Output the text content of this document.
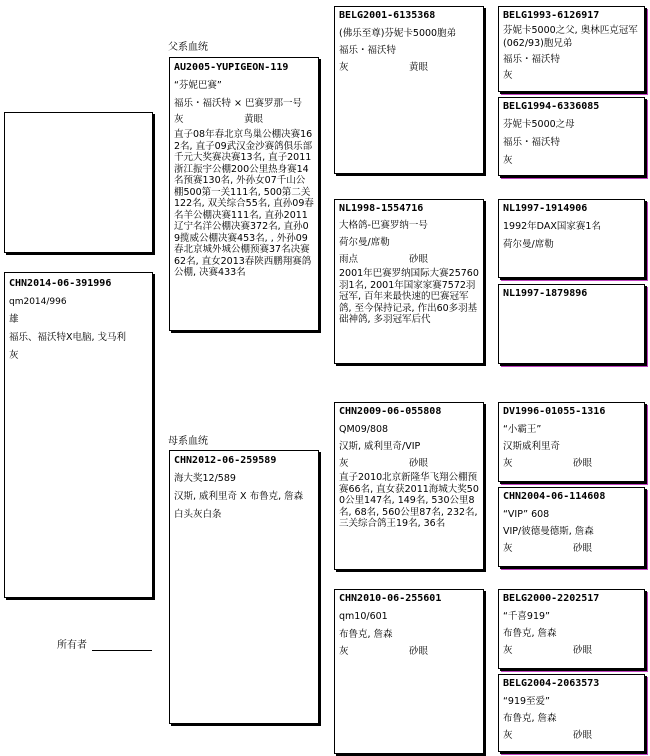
CHN2014-06-391996
qm2014/996
雄
福乐、福沃特X电脑, 戈马利
灰
父系血统
母系血统
所有者
AU2005-YUPIGEON-119
“芬妮巴赛”
福乐・福沃特 × 巴赛罗那一号
灰	黄眼
直子08年春北京鸟巢公棚决赛162名, 直子09武汉金沙赛鸽俱乐部千元大奖赛决赛13名, 直子2011浙江振宇公棚200公里热身赛14名预赛130名, 外孙女07千山公棚500第一关111名, 500第二关122名, 双关综合55名, 直孙09春名羊公棚决赛111名, 直孙2011辽宁名洋公棚决赛372名, 直孙09揽威公棚决赛453名, , 外孙09春北京城外城公棚预赛37名决赛62名, 直女2013春陕西鹏翔赛鸽公棚, 决赛433名
CHN2012-06-259589
海大奖12/589
汉斯, 威利里奇 X 布鲁克, 詹森
白头灰白条
BELG2001-6135368
(佛乐至尊)芬妮卡5000胞弟
福乐・福沃特
灰	黄眼
NL1998-1554716
大格鸽-巴赛罗纳一号
荷尔曼/席勒
雨点	砂眼
2001年巴赛罗纳国际大赛25760羽1名, 2001年国家家赛7572羽冠军, 百年来最快速的巴赛冠军鸽, 至今保持记录, 作出60多羽基础神鸽, 多羽冠军后代
CHN2009-06-055808
QM09/808
汉斯, 威利里奇/VIP
灰	砂眼
直子2010北京新隆华飞翔公棚预赛66名, 直女获2011海城大奖500公里147名, 149名, 530公里8名, 68名, 560公里87名, 232名, 三关综合鸽王19名, 36名
CHN2010-06-255601
qm10/601
布鲁克, 詹森
灰	砂眼
BELG1993-6126917
芬妮卡5000之父, 奥林匹克冠军(062/93)胞兄弟
福乐・福沃特
灰
BELG1994-6336085
芬妮卡5000之母
福乐・福沃特
灰
NL1997-1914906
1992年DAX国家赛1名
荷尔曼/席勒
NL1997-1879896
DV1996-01055-1316
“小霸王”
汉斯威利里奇
灰	砂眼
CHN2004-06-114608
“VIP” 608
VIP/彼德曼德斯, 詹森
灰	砂眼
BELG2000-2202517
“千喜919”
布鲁克, 詹森
灰	砂眼
BELG2004-2063573
“919至爱”
布鲁克, 詹森
灰	砂眼
